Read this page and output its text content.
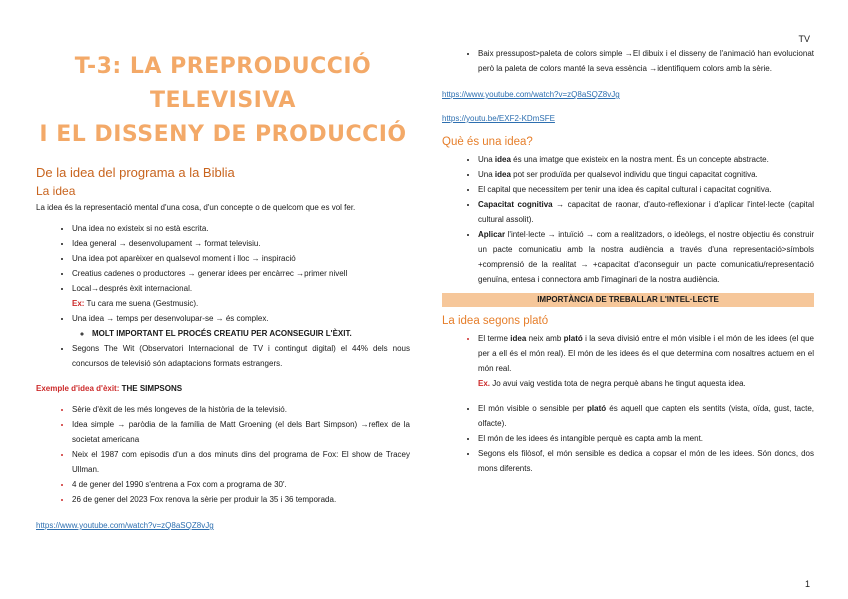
TV
1
T-3: LA PREPRODUCCIÓ TELEVISIVA
I EL DISSENY DE PRODUCCIÓ
De la idea del programa a la Biblia
La idea

La idea és la representació mental d'una cosa, d'un concepte o de quelcom que es vol fer.

• Una idea no existeix si no està escrita.
• Idea general → desenvolupament → format televisiu.
• Una idea pot aparèixer en qualsevol moment i lloc → inspiració
• Creatius cadenes o productores → generar idees per encàrrec →primer nivell
• Local→després èxit internacional.
Ex: Tu cara me suena (Gestmusic).
• Una idea → temps per desenvolupar-se → és complex.
◦ MOLT IMPORTANT EL PROCÉS CREATIU PER ACONSEGUIR L'ÈXIT.
• Segons The Wit (Observatori Internacional de TV i contingut digital) el 44% dels nous concursos de televisió són adaptacions formats estrangers.

Exemple d'idea d'èxit: THE SIMPSONS

• Sèrie d'èxit de les més longeves de la història de la televisió.
• Idea simple → paròdia de la família de Matt Groening (el dels Bart Simpson) →reflex de la societat americana
• Neix el 1987 com episodis d'un a dos minuts dins del programa de Fox: El show de Tracey Ullman.
• 4 de gener del 1990 s'entrena a Fox com a programa de 30'.
• 26 de gener del 2023 Fox renova la sèrie per produir la 35 i 36 temporada.
https://www.youtube.com/watch?v=zQ8aSQZ8vJg
• Baix pressupost>paleta de colors simple →El dibuix i el disseny de l'animació han evolucionat però la paleta de colors manté la seva essència →identifiquem colors amb la sèrie.
https://www.youtube.com/watch?v=zQ8aSQZ8vJg
https://youtu.be/EXF2-KDmSFE
Què és una idea?
• Una idea és una imatge que existeix en la nostra ment. És un concepte abstracte.
• Una idea pot ser produïda per qualsevol individu que tingui capacitat cognitiva.
• El capital que necessitem per tenir una idea és capital cultural i capacitat cognitiva.
• Capacitat cognitiva → capacitat de raonar, d'auto-reflexionar i d'aplicar l'intel·lecte (capital cultural assolit).
• Aplicar l'intel·lecte → intuïció → com a realitzadors, o ideòlegs, el nostre objectiu és construir un pacte comunicatiu amb la nostra audiència a través d'una representació>símbols +comprensió de la realitat → +capacitat d'aconseguir un pacte comunicatiu/representació genuïna, entesa i connectora amb l'imaginari de la nostra audiència.
IMPORTÀNCIA DE TREBALLAR L'INTEL·LECTE
La idea segons plató
• El terme idea neix amb plató i la seva divisió entre el món visible i el món de les idees (el que per a ell és el món real). El món de les idees és el que determina com nosaltres actuem en el món real.
Ex. Jo avui vaig vestida tota de negra perquè abans he tingut aquesta idea.
• El món visible o sensible per plató és aquell que capten els sentits (vista, oïda, gust, tacte, olfacte).
• El món de les idees és intangible perquè es capta amb la ment.
• Segons els filòsof, el món sensible es dedica a copsar el món de les idees. Són doncs, dos mons diferents.
